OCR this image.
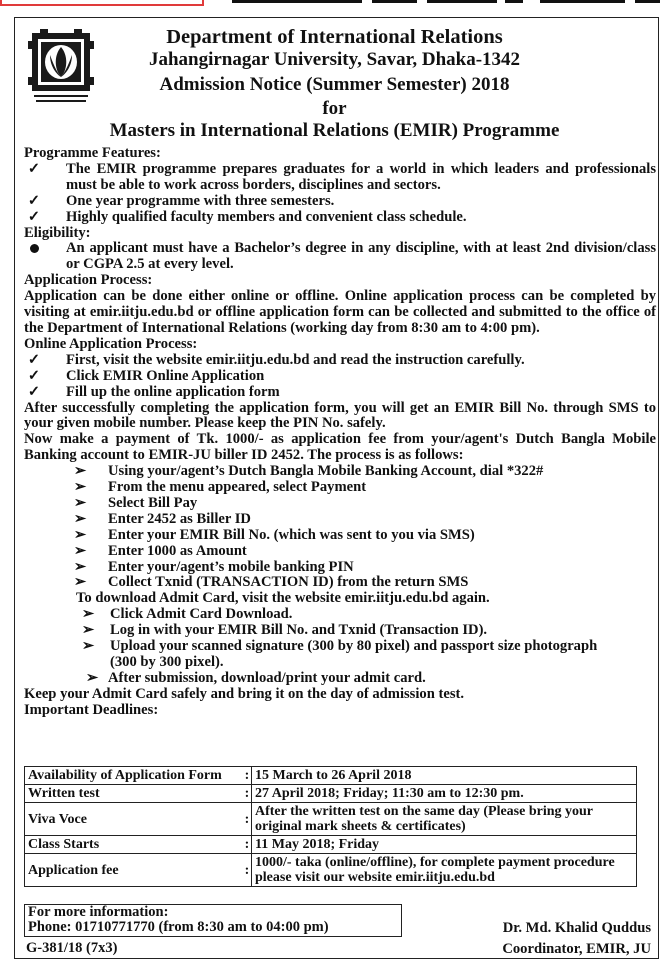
Department of International Relations
Jahangirnagar University, Savar, Dhaka-1342
Admission Notice (Summer Semester) 2018
for
Masters in International Relations (EMIR) Programme
Programme Features:
✓ The EMIR programme prepares graduates for a world in which leaders and professionals must be able to work across borders, disciplines and sectors.
✓ One year programme with three semesters.
✓ Highly qualified faculty members and convenient class schedule.
Eligibility:
An applicant must have a Bachelor’s degree in any discipline, with at least 2nd division/class or CGPA 2.5 at every level.
Application Process:
Application can be done either online or offline. Online application process can be completed by visiting at emir.iitju.edu.bd or offline application form can be collected and submitted to the office of the Department of International Relations (working day from 8:30 am to 4:00 pm).
Online Application Process:
✓ First, visit the website emir.iitju.edu.bd and read the instruction carefully.
✓ Click EMIR Online Application
✓ Fill up the online application form
After successfully completing the application form, you will get an EMIR Bill No. through SMS to your given mobile number. Please keep the PIN No. safely.
Now make a payment of Tk. 1000/- as application fee from your/agent's Dutch Bangla Mobile Banking account to EMIR-JU biller ID 2452. The process is as follows:
➢ Using your/agent’s Dutch Bangla Mobile Banking Account, dial *322#
➢ From the menu appeared, select Payment
➢ Select Bill Pay
➢ Enter 2452 as Biller ID
➢ Enter your EMIR Bill No. (which was sent to you via SMS)
➢ Enter 1000 as Amount
➢ Enter your/agent’s mobile banking PIN
➢ Collect Txnid (TRANSACTION ID) from the return SMS
To download Admit Card, visit the website emir.iitju.edu.bd again.
➢ Click Admit Card Download.
➢ Log in with your EMIR Bill No. and Txnid (Transaction ID).
➢ Upload your scanned signature (300 by 80 pixel) and passport size photograph (300 by 300 pixel).
➢ After submission, download/print your admit card.
Keep your Admit Card safely and bring it on the day of admission test.
Important Deadlines:
Availability of Application Form	:	15 March to 26 April 2018
Written test	:	27 April 2018; Friday; 11:30 am to 12:30 pm.
Viva Voce	:	After the written test on the same day (Please bring your original mark sheets & certificates)
Class Starts	:	11 May 2018; Friday
Application fee	:	1000/- taka (online/offline), for complete payment procedure please visit our website emir.iitju.edu.bd
For more information:
Phone: 01710771770 (from 8:30 am to 04:00 pm)	Dr. Md. Khalid Quddus
Coordinator, EMIR, JU
G-381/18 (7x3)
